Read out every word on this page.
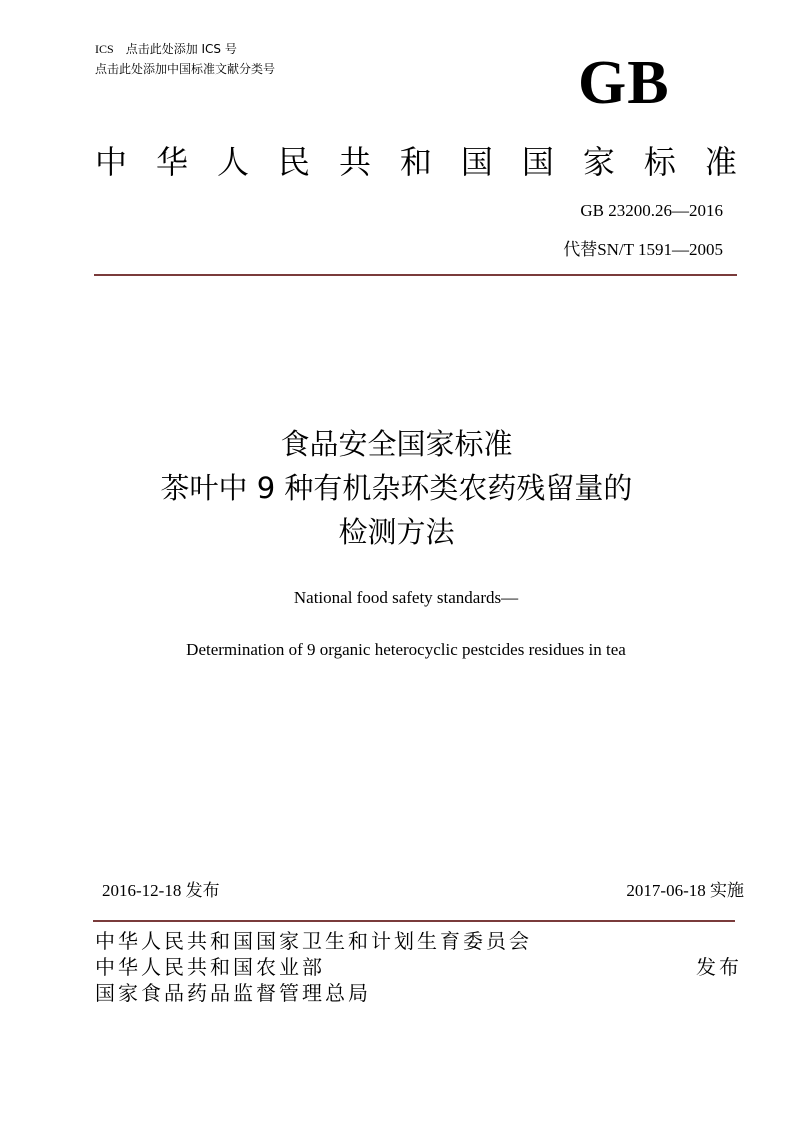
ICS 点击此处添加 ICS 号
点击此处添加中国标准文献分类号	GB
中 华 人 民 共 和 国 国 家 标 准
GB 23200.26—2016
代替SN/T 1591—2005
食品安全国家标准
茶叶中 9 种有机杂环类农药残留量的
检测方法
National food safety standards—
Determination of 9 organic heterocyclic pestcides residues in tea
2016-12-18 发布	2017-06-18 实施
中华人民共和国国家卫生和计划生育委员会
中华人民共和国农业部
国家食品药品监督管理总局
发布
